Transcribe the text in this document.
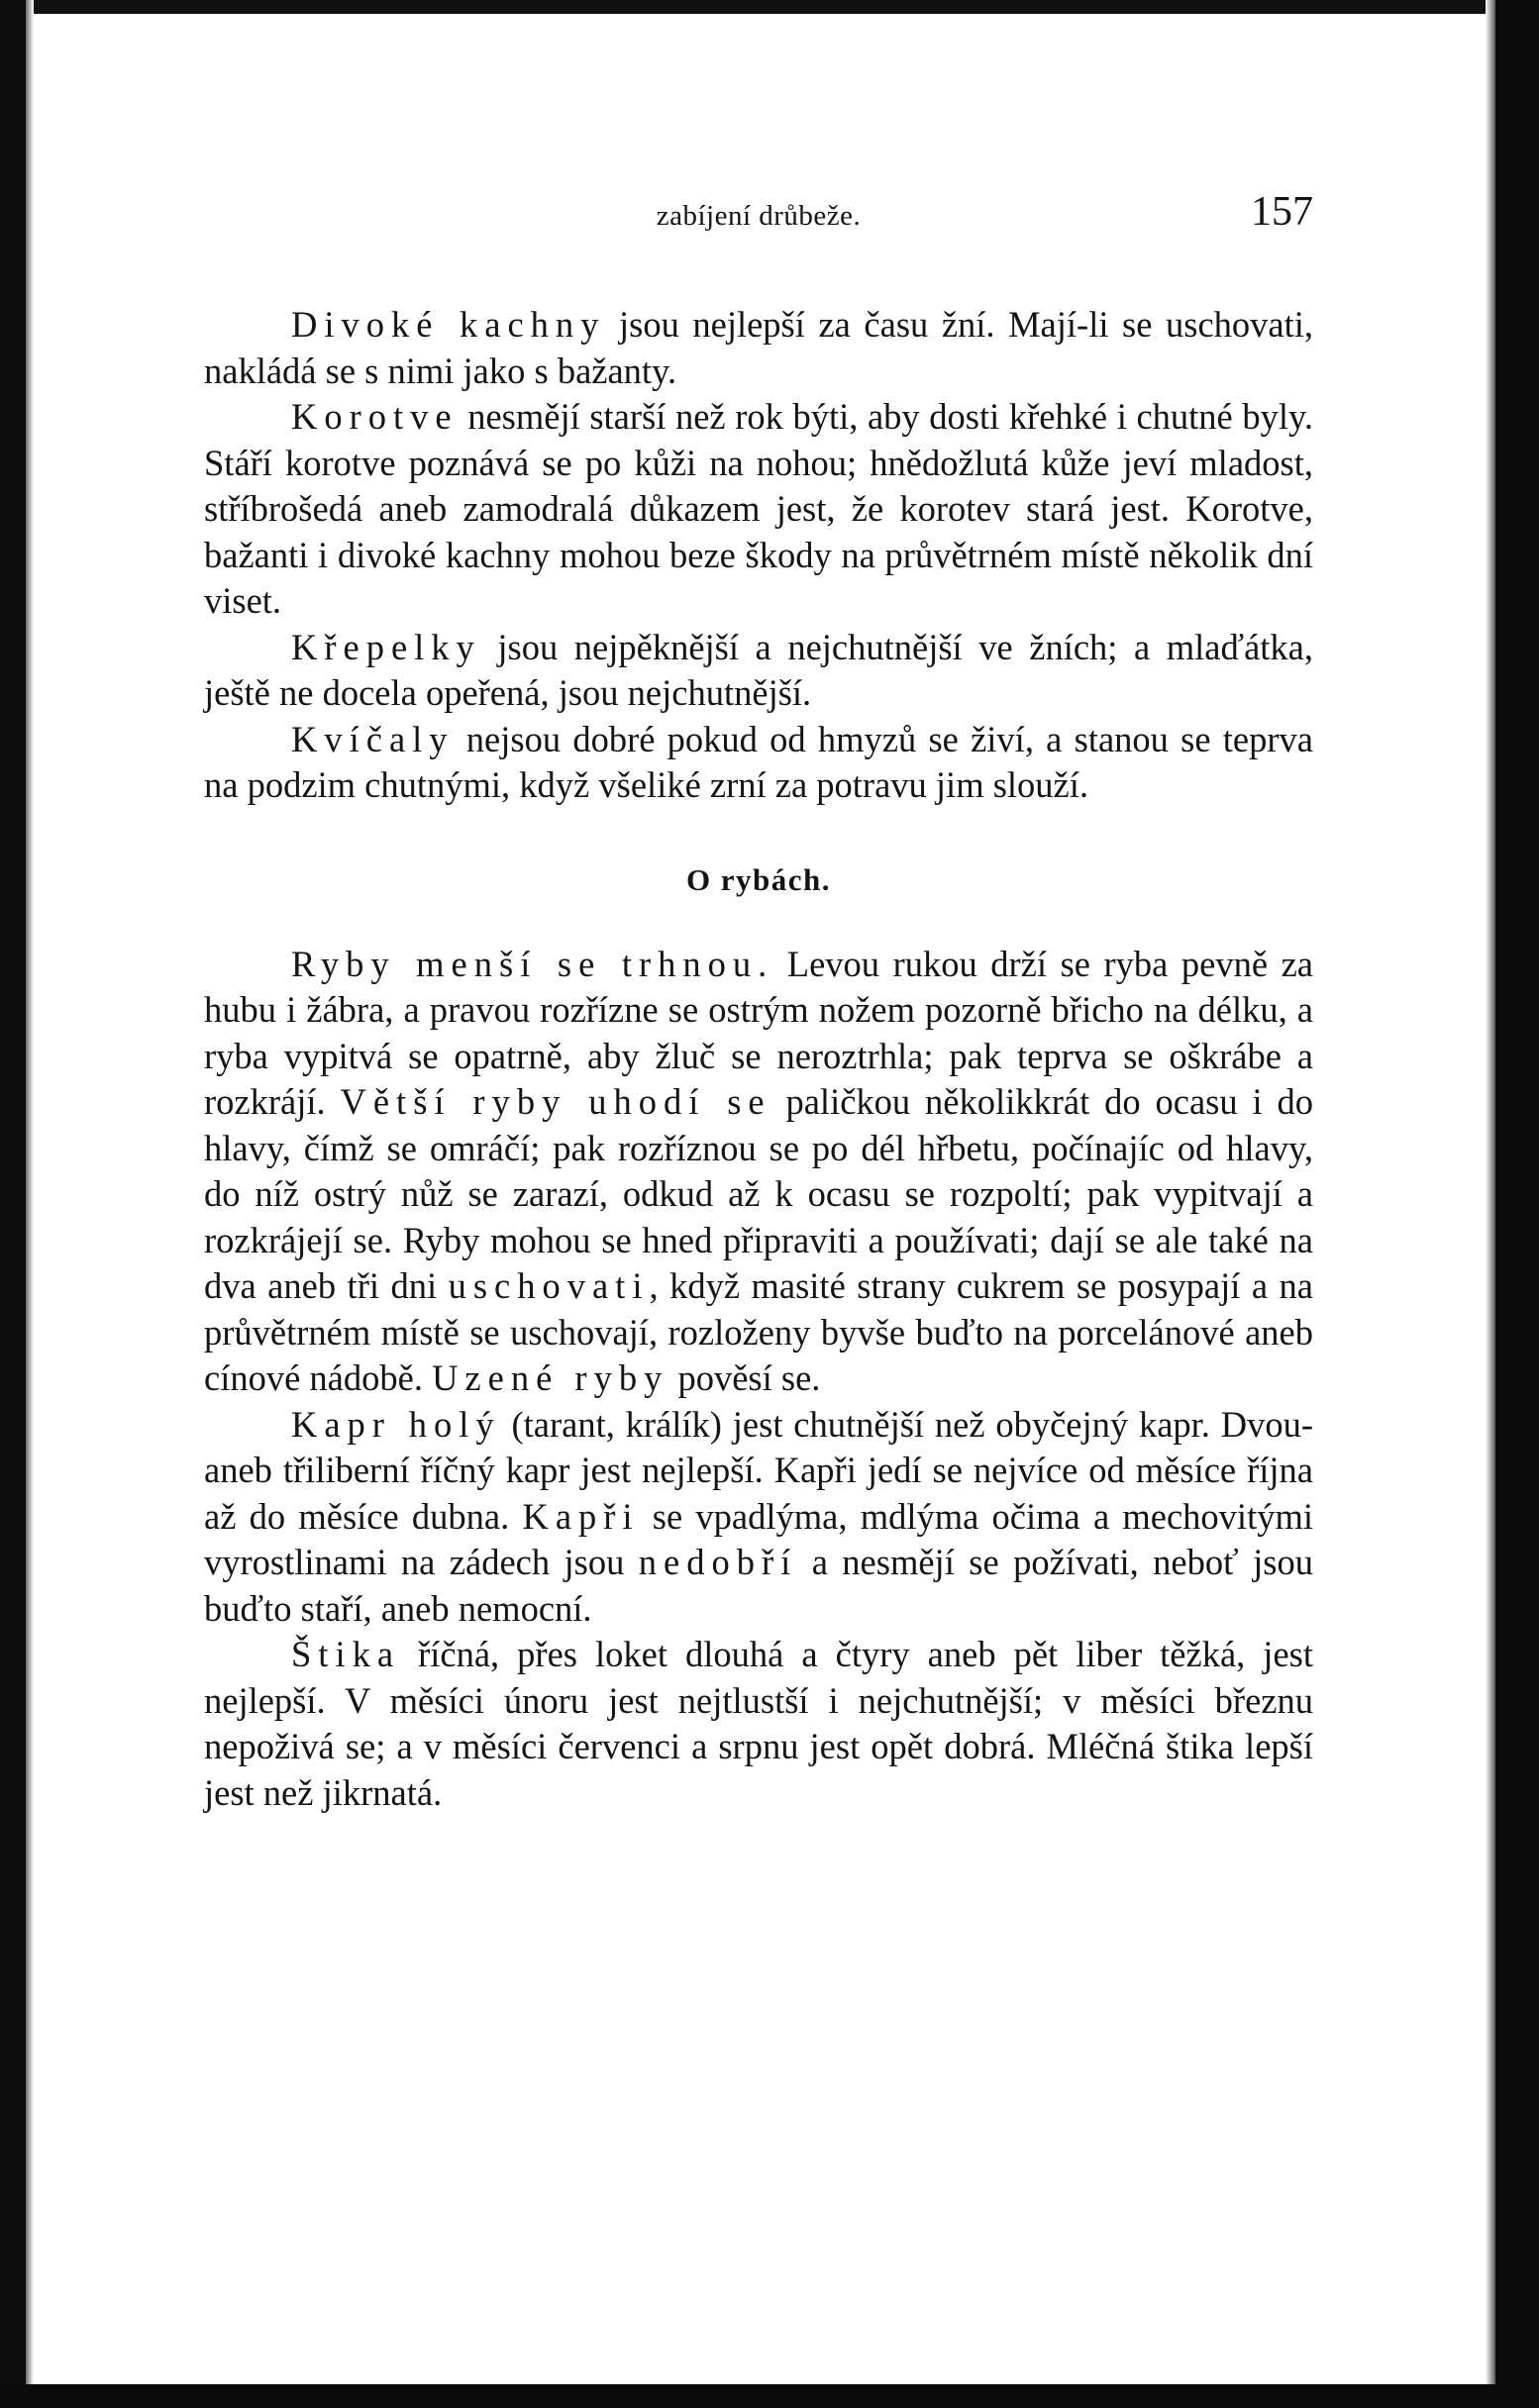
zabíjení drůbeže.	157

Divoké kachny jsou nejlepší za času žní. Mají-li se uschovati, nakládá se s nimi jako s bažanty.

Korotve nesmějí starší než rok býti, aby dosti křehké i chutné byly. Stáří korotve poznává se po kůži na nohou; hnědožlutá kůže jeví mladost, stříbrošedá aneb zamodralá důkazem jest, že korotev stará jest. Korotve, bažanti i divoké kachny mohou beze škody na průvětrném místě několik dní viset.

Křepelky jsou nejpěknější a nejchutnější ve žních; a mlaďátka, ještě ne docela opeřená, jsou nejchutnější.

Kvíčaly nejsou dobré pokud od hmyzů se živí, a stanou se teprva na podzim chutnými, když všeliké zrní za potravu jim slouží.

O rybách.

Ryby menší se trhnou. Levou rukou drží se ryba pevně za hubu i žábra, a pravou rozřízne se ostrým nožem pozorně břicho na délku, a ryba vypitvá se opatrně, aby žluč se neroztrhla; pak teprva se oškrábe a rozkrájí. Větší ryby uhodí se paličkou několikkrát do ocasu i do hlavy, čímž se omráčí; pak rozříznou se po dél hřbetu, počínajíc od hlavy, do níž ostrý nůž se zarazí, odkud až k ocasu se rozpoltí; pak vypitvají a rozkrájejí se. Ryby mohou se hned připraviti a používati; dají se ale také na dva aneb tři dni uschovati, když masité strany cukrem se posypají a na průvětrném místě se uschovají, rozloženy byvše buďto na porcelánové aneb cínové nádobě. Uzené ryby pověsí se.

Kapr holý (tarant, králík) jest chutnější než obyčejný kapr. Dvou- aneb třiliberní říčný kapr jest nejlepší. Kapři jedí se nejvíce od měsíce října až do měsíce dubna. Kapři se vpadlýma, mdlýma očima a mechovitými vyrostlinami na zádech jsou nedobří a nesmějí se požívati, neboť jsou buďto staří, aneb nemocní.

Štika říčná, přes loket dlouhá a čtyry aneb pět liber těžká, jest nejlepší. V měsíci únoru jest nejtlustší i nejchutnější; v měsíci březnu nepoživá se; a v měsíci červenci a srpnu jest opět dobrá. Mléčná štika lepší jest než jikrnatá.
